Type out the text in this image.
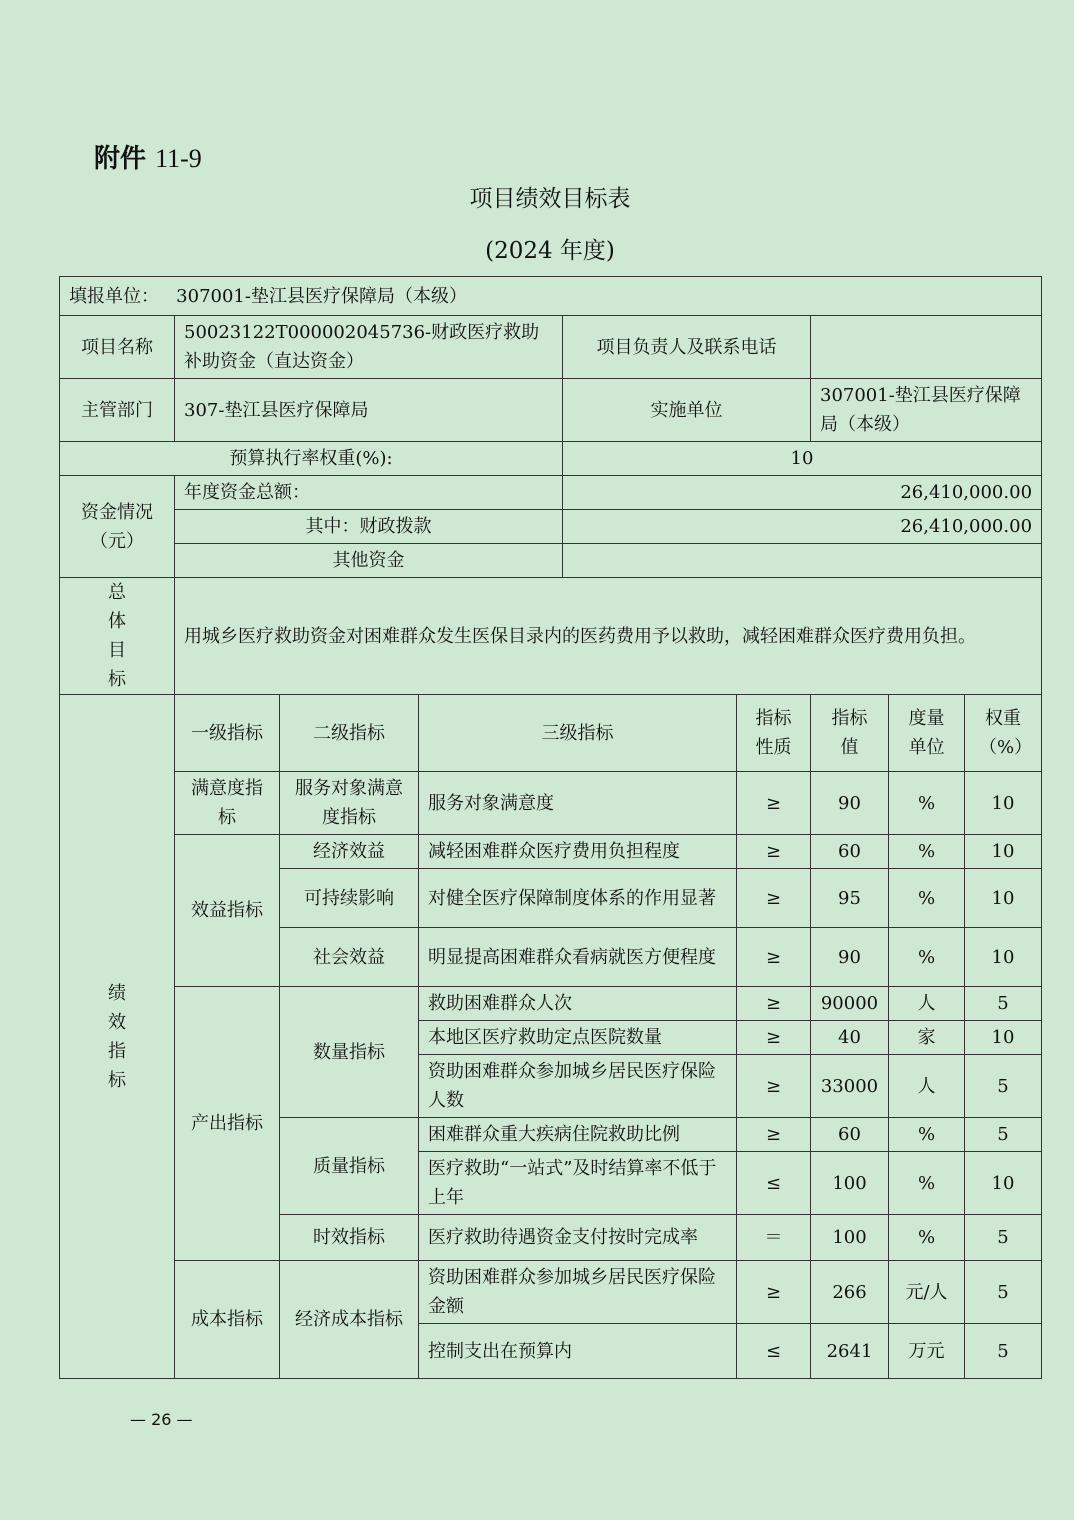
附件 11-9
项目绩效目标表
(2024 年度)
填报单位： 307001-垫江县医疗保障局（本级）								
项目名称	50023122T000002045736-财政医疗救助补助资金（直达资金）			项目负责人及联系电话				
主管部门	307-垫江县医疗保障局			实施单位		307001-垫江县医疗保障局（本级）		
预算执行率权重(%):				10				
资金情况（元）	年度资金总额：			26,410,000.00				
	其中：财政拨款			26,410,000.00				
	其他资金							
总体目标	用城乡医疗救助资金对困难群众发生医保目录内的医药费用予以救助，减轻困难群众医疗费用负担。							
绩效指标	一级指标	二级指标	三级指标		指标性质	指标值	度量单位	权重（%）
	满意度指标	服务对象满意度指标	服务对象满意度		≥	90	%	10
	效益指标	经济效益	减轻困难群众医疗费用负担程度		≥	60	%	10
		可持续影响	对健全医疗保障制度体系的作用显著		≥	95	%	10
		社会效益	明显提高困难群众看病就医方便程度		≥	90	%	10
	产出指标	数量指标	救助困难群众人次		≥	90000	人	5
			本地区医疗救助定点医院数量		≥	40	家	10
			资助困难群众参加城乡居民医疗保险人数		≥	33000	人	5
		质量指标	困难群众重大疾病住院救助比例		≥	60	%	5
			医疗救助“一站式”及时结算率不低于上年		≤	100	%	10
		时效指标	医疗救助待遇资金支付按时完成率		＝	100	%	5
	成本指标	经济成本指标	资助困难群众参加城乡居民医疗保险金额		≥	266	元/人	5
			控制支出在预算内		≤	2641	万元	5
— 26 —
